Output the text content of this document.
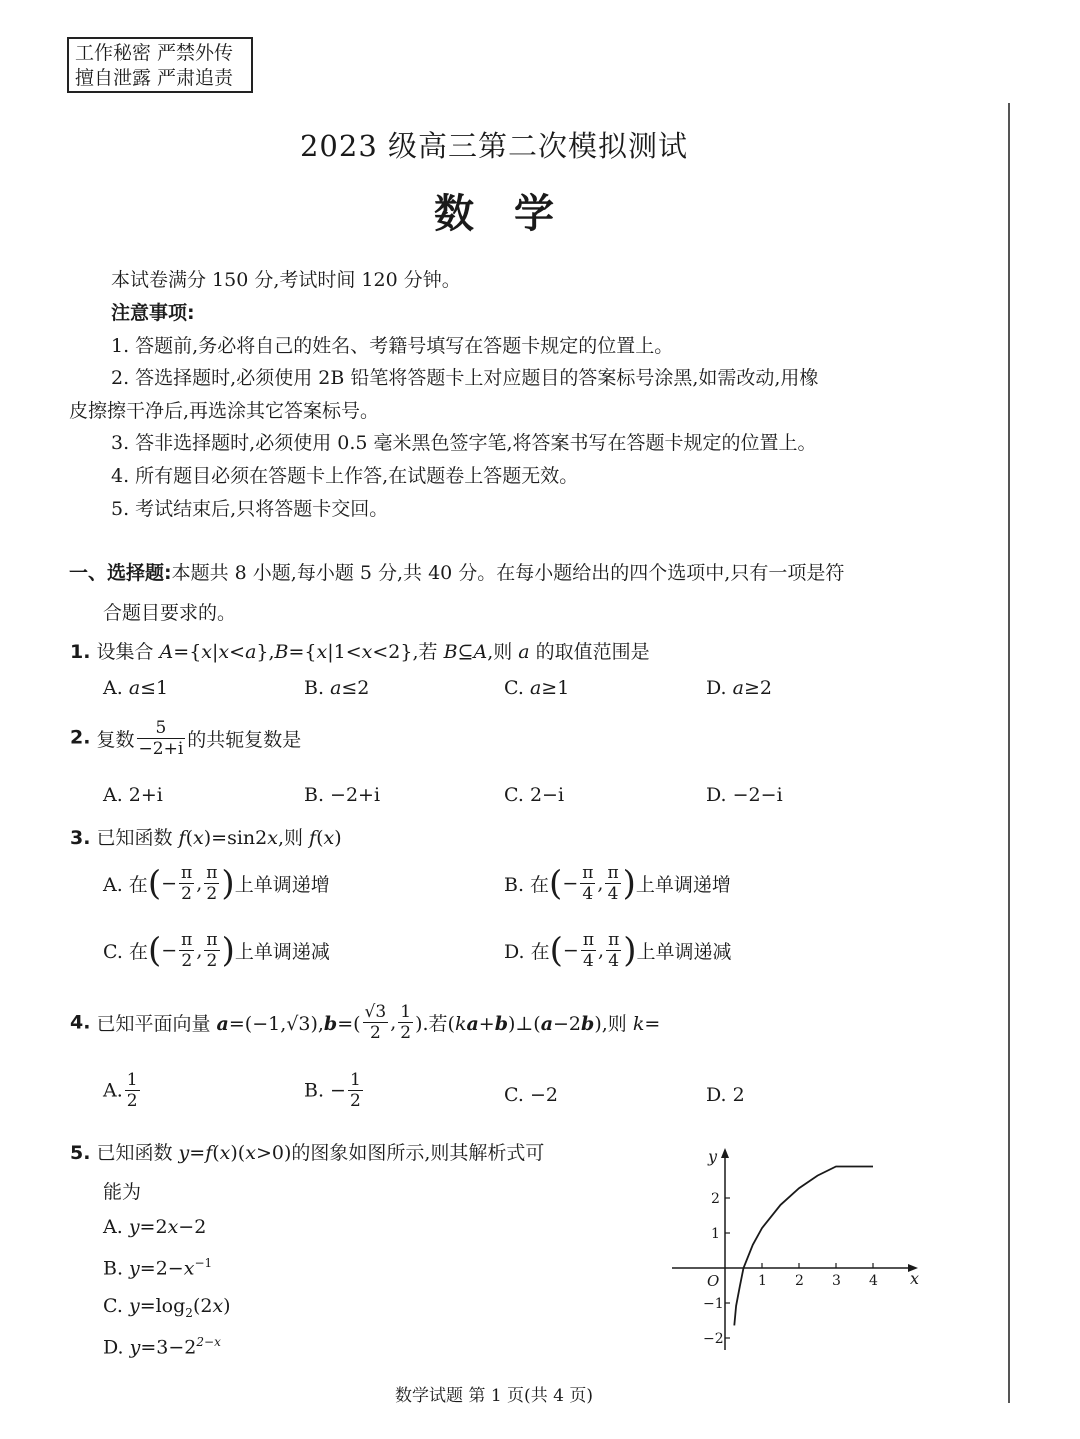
工作秘密 严禁外传
擅自泄露 严肃追责
2023 级高三第二次模拟测试
数学
本试卷满分 150 分,考试时间 120 分钟。
注意事项:
1. 答题前,务必将自己的姓名、考籍号填写在答题卡规定的位置上。
2. 答选择题时,必须使用 2B 铅笔将答题卡上对应题目的答案标号涂黑,如需改动,用橡
皮擦擦干净后,再选涂其它答案标号。
3. 答非选择题时,必须使用 0.5 毫米黑色签字笔,将答案书写在答题卡规定的位置上。
4. 所有题目必须在答题卡上作答,在试题卷上答题无效。
5. 考试结束后,只将答题卡交回。
一、选择题:本题共 8 小题,每小题 5 分,共 40 分。在每小题给出的四个选项中,只有一项是符
合题目要求的。
1. 设集合 A={x|x<a},B={x|1<x<2},若 B⊆A,则 a 的取值范围是
A. a≤1	B. a≤2	C. a≥1	D. a≥2
2. 复数 $\frac{5}{-2+i}$ 的共轭复数是
A. 2+i	B. −2+i	C. 2−i	D. −2−i
3. 已知函数 f(x)=sin2x,则 f(x)
A. 在(− $\frac{\pi}{2}$ , $\frac{\pi}{2}$ )上单调递增	B. 在(− $\frac{\pi}{4}$ , $\frac{\pi}{4}$ )上单调递增
C. 在(− $\frac{\pi}{2}$ , $\frac{\pi}{2}$ )上单调递减	D. 在(− $\frac{\pi}{4}$ , $\frac{\pi}{4}$ )上单调递减
4. 已知平面向量 $a=(-1,√3),b=( \frac{√3}{2}$ , $\frac{1}{2}$ ).若(ka+b)⊥(a−2b),则 k=
A. $\frac{1}{2}$	B. − $\frac{1}{2}$	C. −2	D. 2
5. 已知函数 y=f(x)(x>0)的图象如图所示,则其解析式可
能为
A. y=2x−2
B. $y=2-x^{-1}$
C. $y=\log_2(2x)$
D. $y=3-2^{2-x}$
y
x
O	1 2 3 4
2
1
−1
−2
数学试题 第 1 页(共 4 页)
